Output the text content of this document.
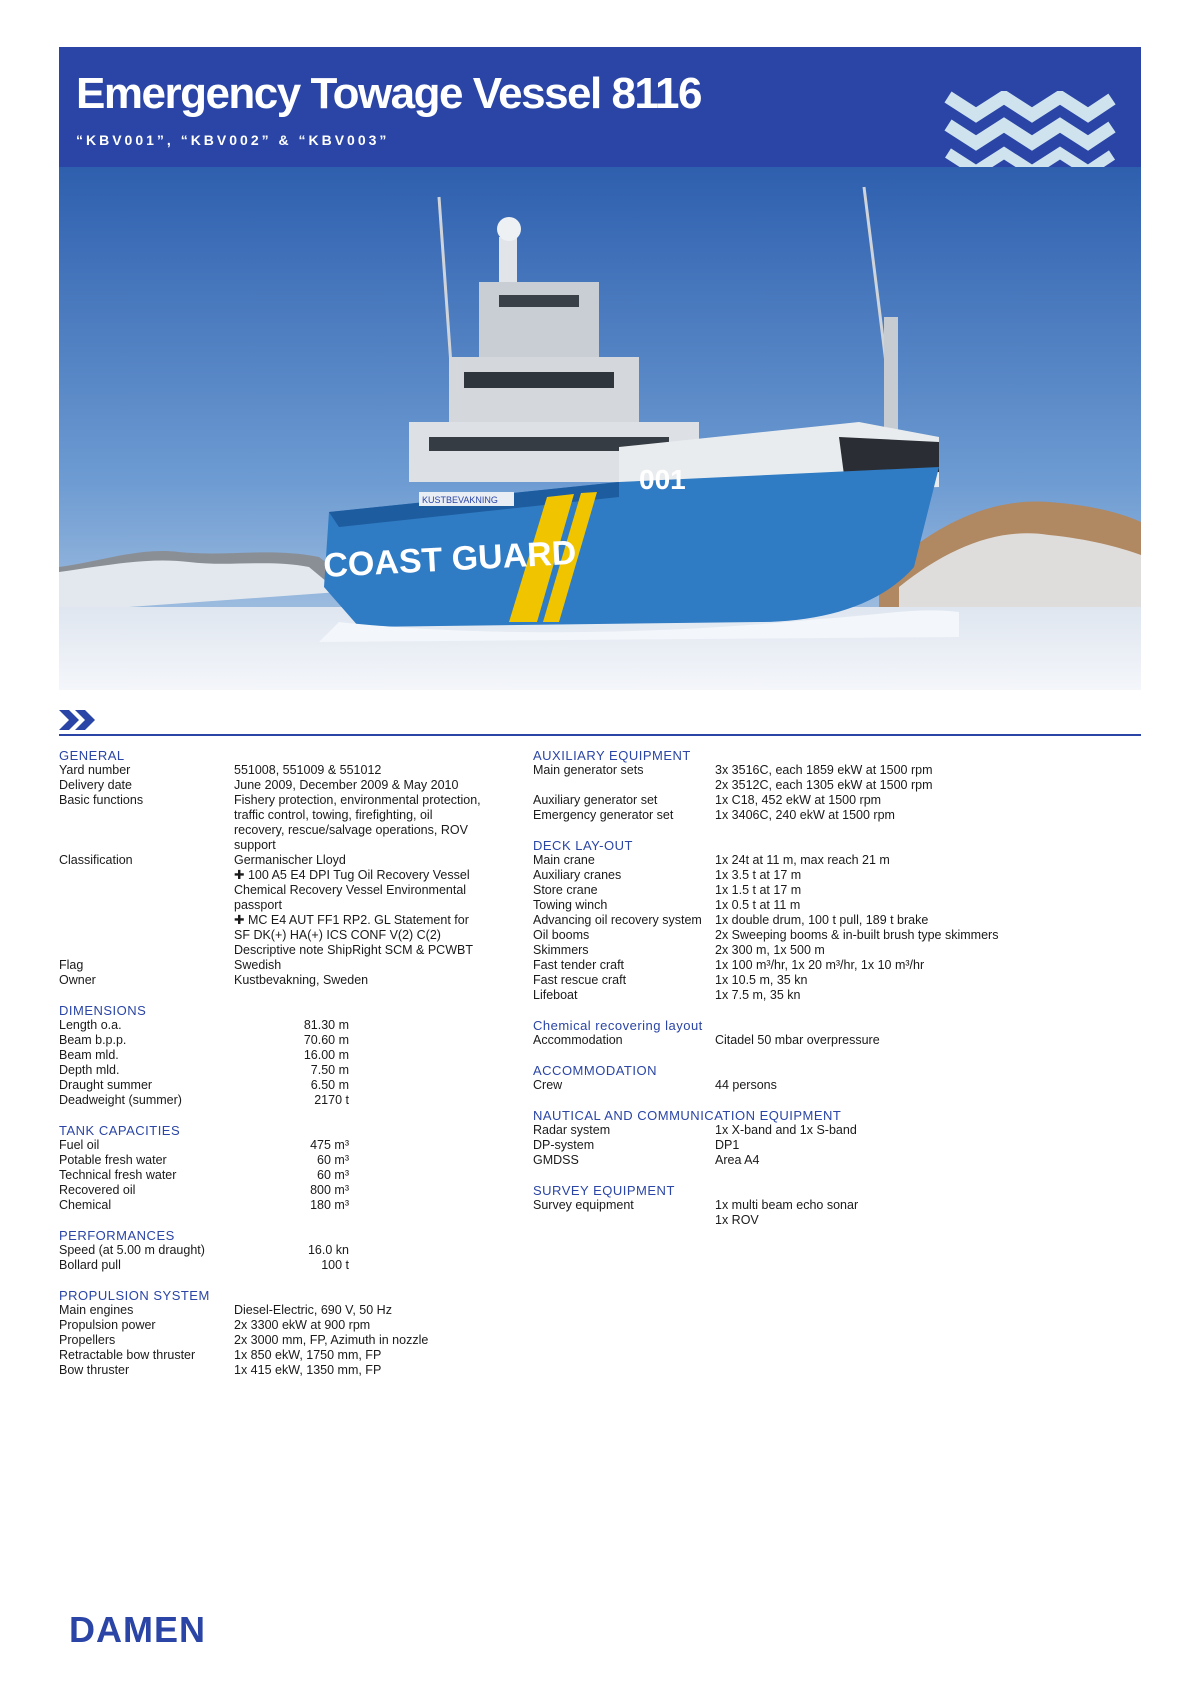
Emergency Towage Vessel 8116
“KBV001”, “KBV002” & “KBV003”
COAST GUARD
001
KUSTBEVAKNING
GENERAL
Yard number	551008, 551009 & 551012
Delivery date	June 2009, December 2009 & May 2010
Basic functions	Fishery protection, environmental protection,
traffic control, towing, firefighting, oil
recovery, rescue/salvage operations, ROV
support
Classification	Germanischer Lloyd
✚ 100 A5 E4 DPI Tug Oil Recovery Vessel
Chemical Recovery Vessel Environmental
passport
✚ MC E4 AUT FF1 RP2. GL Statement for
SF DK(+) HA(+) ICS CONF V(2) C(2)
Descriptive note ShipRight SCM & PCWBT
Flag	Swedish
Owner	Kustbevakning, Sweden
DIMENSIONS
Length o.a.	81.30 m
Beam b.p.p.	70.60 m
Beam mld.	16.00 m
Depth mld.	7.50 m
Draught summer	6.50 m
Deadweight (summer)	2170 t
TANK CAPACITIES
Fuel oil	475 m³
Potable fresh water	60 m³
Technical fresh water	60 m³
Recovered oil	800 m³
Chemical	180 m³
PERFORMANCES
Speed (at 5.00 m draught)	16.0 kn
Bollard pull	100 t
PROPULSION SYSTEM
Main engines	Diesel-Electric, 690 V, 50 Hz
Propulsion power	2x 3300 ekW at 900 rpm
Propellers	2x 3000 mm, FP, Azimuth in nozzle
Retractable bow thruster	1x 850 ekW, 1750 mm, FP
Bow thruster	1x 415 ekW, 1350 mm, FP
AUXILIARY EQUIPMENT
Main generator sets	3x 3516C, each 1859 ekW at 1500 rpm
2x 3512C, each 1305 ekW at 1500 rpm
Auxiliary generator set	1x C18, 452 ekW at 1500 rpm
Emergency generator set	1x 3406C, 240 ekW at 1500 rpm
DECK LAY-OUT
Main crane	1x 24t at 11 m, max reach 21 m
Auxiliary cranes	1x 3.5 t at 17 m
Store crane	1x 1.5 t at 17 m
Towing winch	1x 0.5 t at 11 m
Advancing oil recovery system	1x double drum, 100 t pull, 189 t brake
Oil booms	2x Sweeping booms & in-built brush type skimmers
Skimmers	2x 300 m, 1x 500 m
Fast tender craft	1x 100 m³/hr, 1x 20 m³/hr, 1x 10 m³/hr
Fast rescue craft	1x 10.5 m, 35 kn
Lifeboat	1x 7.5 m, 35 kn
Chemical recovering layout
Accommodation	Citadel 50 mbar overpressure
ACCOMMODATION
Crew	44 persons
NAUTICAL AND COMMUNICATION EQUIPMENT
Radar system	1x X-band and 1x S-band
DP-system	DP1
GMDSS	Area A4
SURVEY EQUIPMENT
Survey equipment	1x multi beam echo sonar
1x ROV
DAMEN
